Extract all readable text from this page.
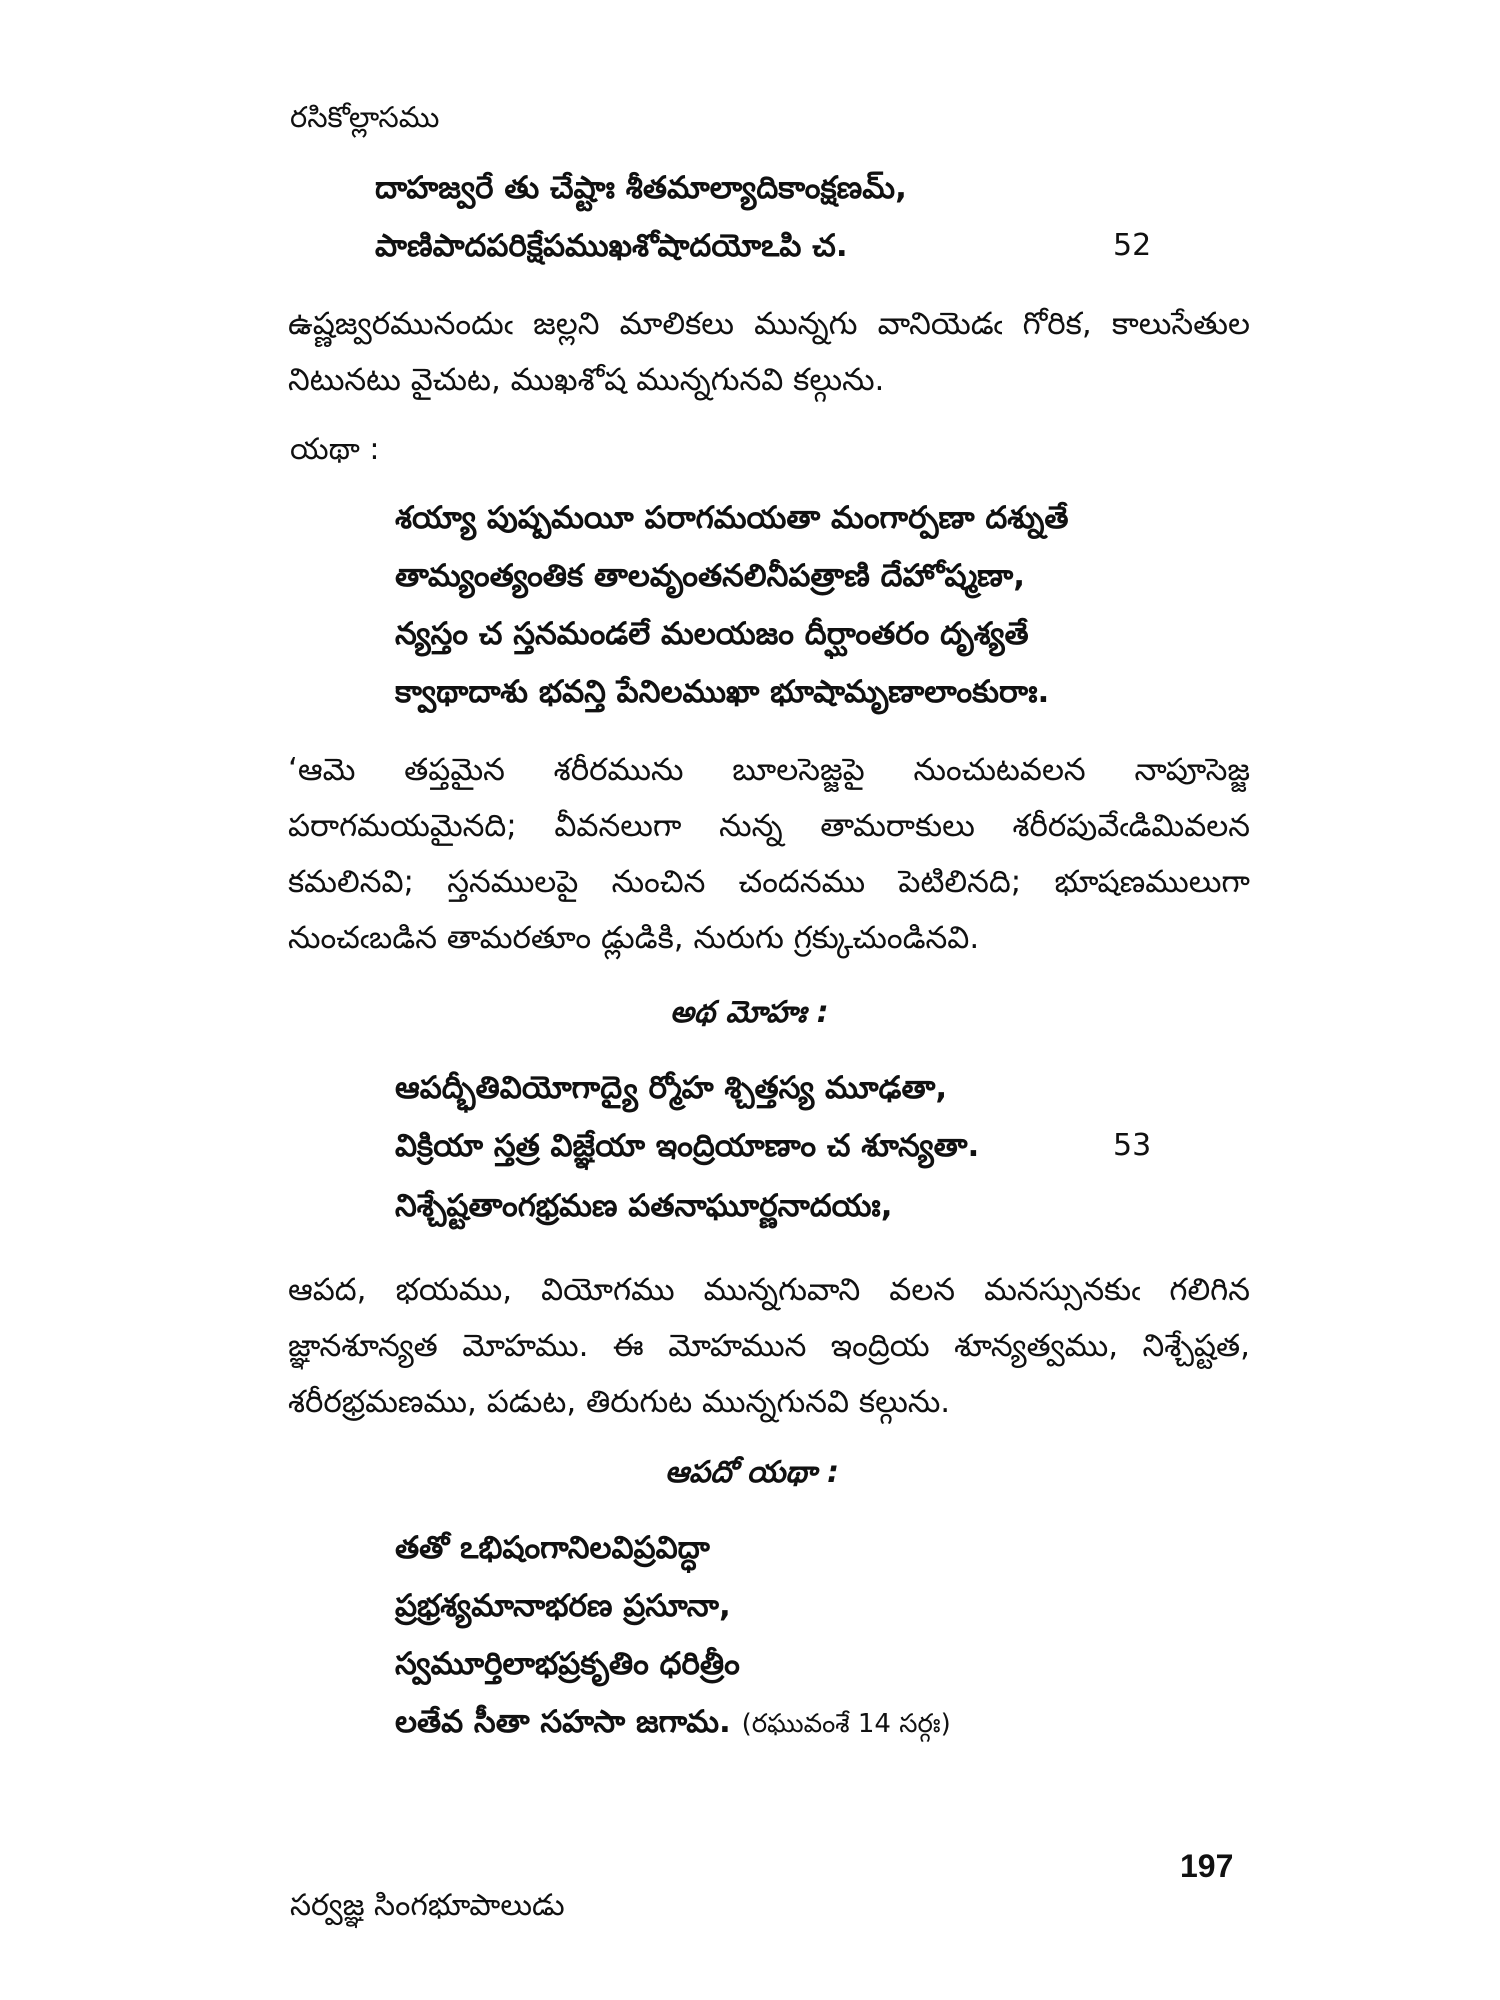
రసికోల్లాసము
దాహజ్వరే తు చేష్టాః శీతమాల్యాదికాంక్షణమ్,
పాణిపాదపరిక్షేపముఖశోషాదయోఽపి చ.	52
ఉష్ణజ్వరమునందుఁ జల్లని మాలికలు మున్నగు వానియెడఁ గోరిక, కాలుసేతుల
నిటునటు వైచుట, ముఖశోష మున్నగునవి కల్గును.
యథా :
శయ్యా పుష్పమయీ పరాగమయతా మంగార్పణా దశ్నుతే
తామ్యంత్యంతిక తాలవృంతనలినీపత్రాణి దేహోష్మణా,
న్యస్తం చ స్తనమండలే మలయజం దీర్ఘాంతరం దృశ్యతే
క్వాథాదాశు భవన్తి పేనిలముఖా భూషామృణాలాంకురాః.
‘ఆమె తప్తమైన శరీరమును బూలసెజ్జపై నుంచుటవలన నాపూసెజ్జ
పరాగమయమైనది; వీవనలుగా నున్న తామరాకులు శరీరపువేఁడిమివలన
కమలినవి; స్తనములపై నుంచిన చందనము పెటిలినది; భూషణములుగా
నుంచఁబడిన తామరతూం డ్లుడికి, నురుగు గ్రక్కుచుండినవి.
అథ మోహః :
ఆపద్భీతివియోగాద్యై ర్మోహ శ్చిత్తస్య మూఢతా,
విక్రియా స్తత్ర విజ్ఞేయా ఇంద్రియాణాం చ శూన్యతా.
నిశ్చేష్టతాంగభ్రమణ పతనాఘూర్ణనాదయః,
53
ఆపద, భయము, వియోగము మున్నగువాని వలన మనస్సునకుఁ గలిగిన
జ్ఞానశూన్యత మోహము. ఈ మోహమున ఇంద్రియ శూన్యత్వము, నిశ్చేష్టత,
శరీరభ్రమణము, పడుట, తిరుగుట మున్నగునవి కల్గును.
ఆపదో యథా :
తతో ఽభిషంగానిలవిప్రవిద్ధా
ప్రభ్రశ్యమానాభరణ ప్రసూనా,
స్వమూర్తిలాభప్రకృతిం ధరిత్రీం
లతేవ సీతా సహసా జగామ. (రఘువంశే 14 సర్గః)
సర్వజ్ఞ సింగభూపాలుడు
197
